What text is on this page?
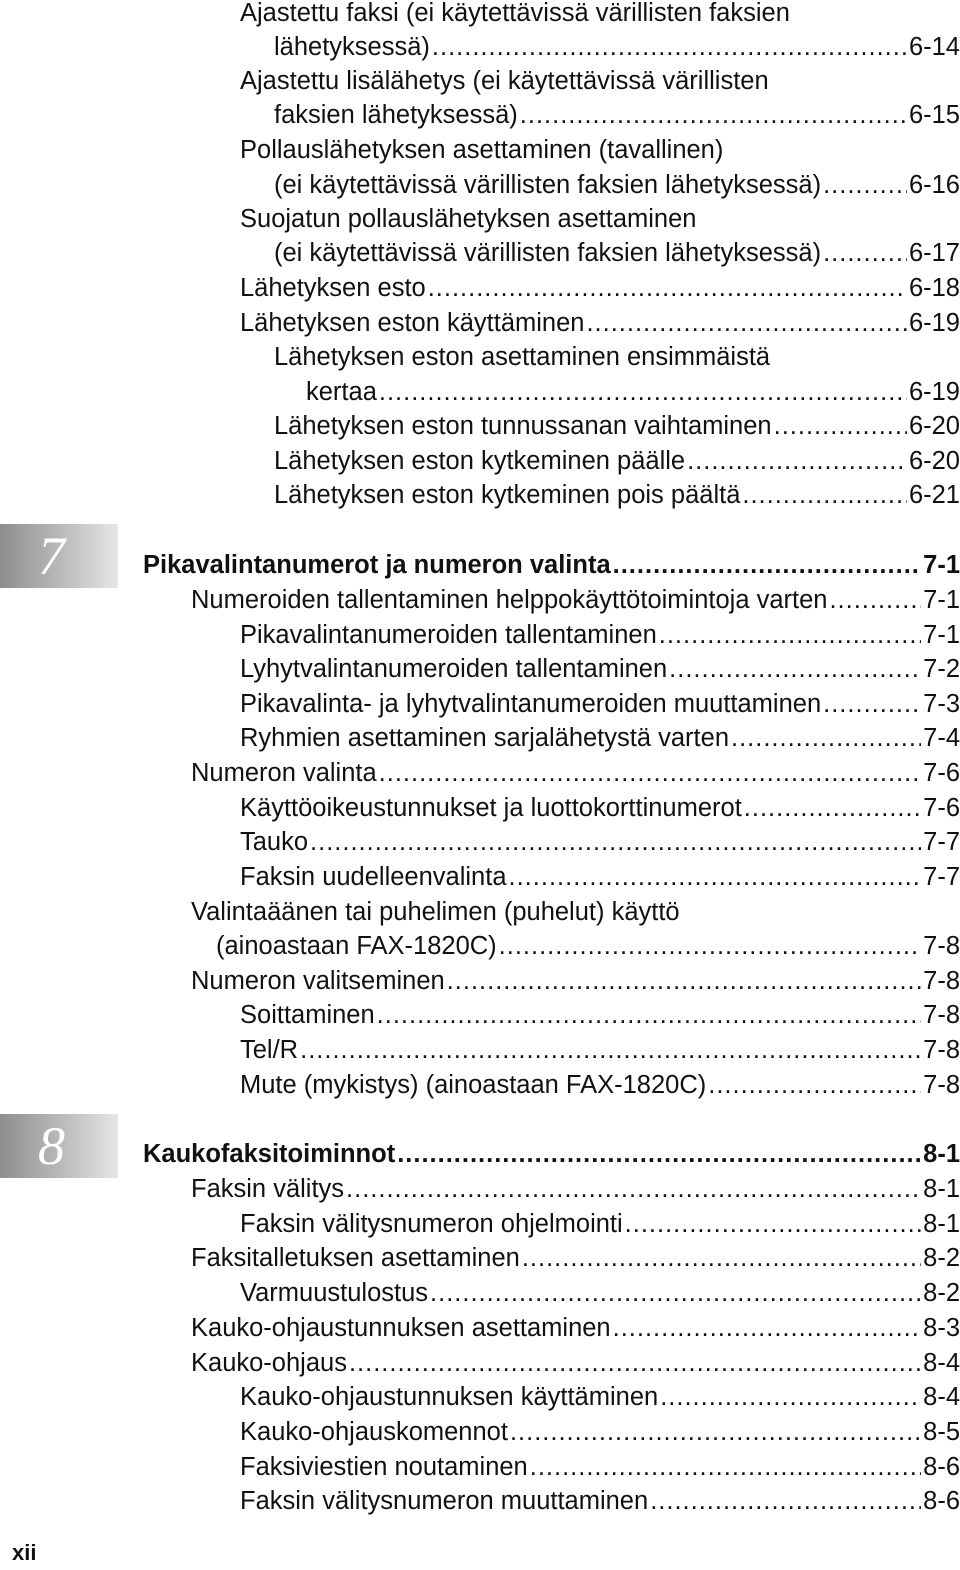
Ajastettu faksi (ei käytettävissä värillisten faksien
lähetyksessä) .....	6-14
Ajastettu lisälähetys (ei käytettävissä värillisten
faksien lähetyksessä) .....	6-15
Pollauslähetyksen asettaminen (tavallinen)
(ei käytettävissä värillisten faksien lähetyksessä) .....	6-16
Suojatun pollauslähetyksen asettaminen
(ei käytettävissä värillisten faksien lähetyksessä) .....	6-17
Lähetyksen esto .....	6-18
Lähetyksen eston käyttäminen .....	6-19
Lähetyksen eston asettaminen ensimmäistä
kertaa .....	6-19
Lähetyksen eston tunnussanan vaihtaminen .....	6-20
Lähetyksen eston kytkeminen päälle .....	6-20
Lähetyksen eston kytkeminen pois päältä .....	6-21
7	Pikavalintanumerot ja numeron valinta .....	7-1
Numeroiden tallentaminen helppokäyttötoimintoja varten .....	7-1
Pikavalintanumeroiden tallentaminen .....	7-1
Lyhytvalintanumeroiden tallentaminen .....	7-2
Pikavalinta- ja lyhytvalintanumeroiden muuttaminen .....	7-3
Ryhmien asettaminen sarjalähetystä varten .....	7-4
Numeron valinta .....	7-6
Käyttöoikeustunnukset ja luottokorttinumerot .....	7-6
Tauko .....	7-7
Faksin uudelleenvalinta .....	7-7
Valintaäänen tai puhelimen (puhelut) käyttö
(ainoastaan FAX-1820C) .....	7-8
Numeron valitseminen .....	7-8
Soittaminen .....	7-8
Tel/R .....	7-8
Mute (mykistys) (ainoastaan FAX-1820C) .....	7-8
8	Kaukofaksitoiminnot .....	8-1
Faksin välitys .....	8-1
Faksin välitysnumeron ohjelmointi .....	8-1
Faksitalletuksen asettaminen .....	8-2
Varmuustulostus .....	8-2
Kauko-ohjaustunnuksen asettaminen .....	8-3
Kauko-ohjaus .....	8-4
Kauko-ohjaustunnuksen käyttäminen .....	8-4
Kauko-ohjauskomennot .....	8-5
Faksiviestien noutaminen .....	8-6
Faksin välitysnumeron muuttaminen .....	8-6
xii
